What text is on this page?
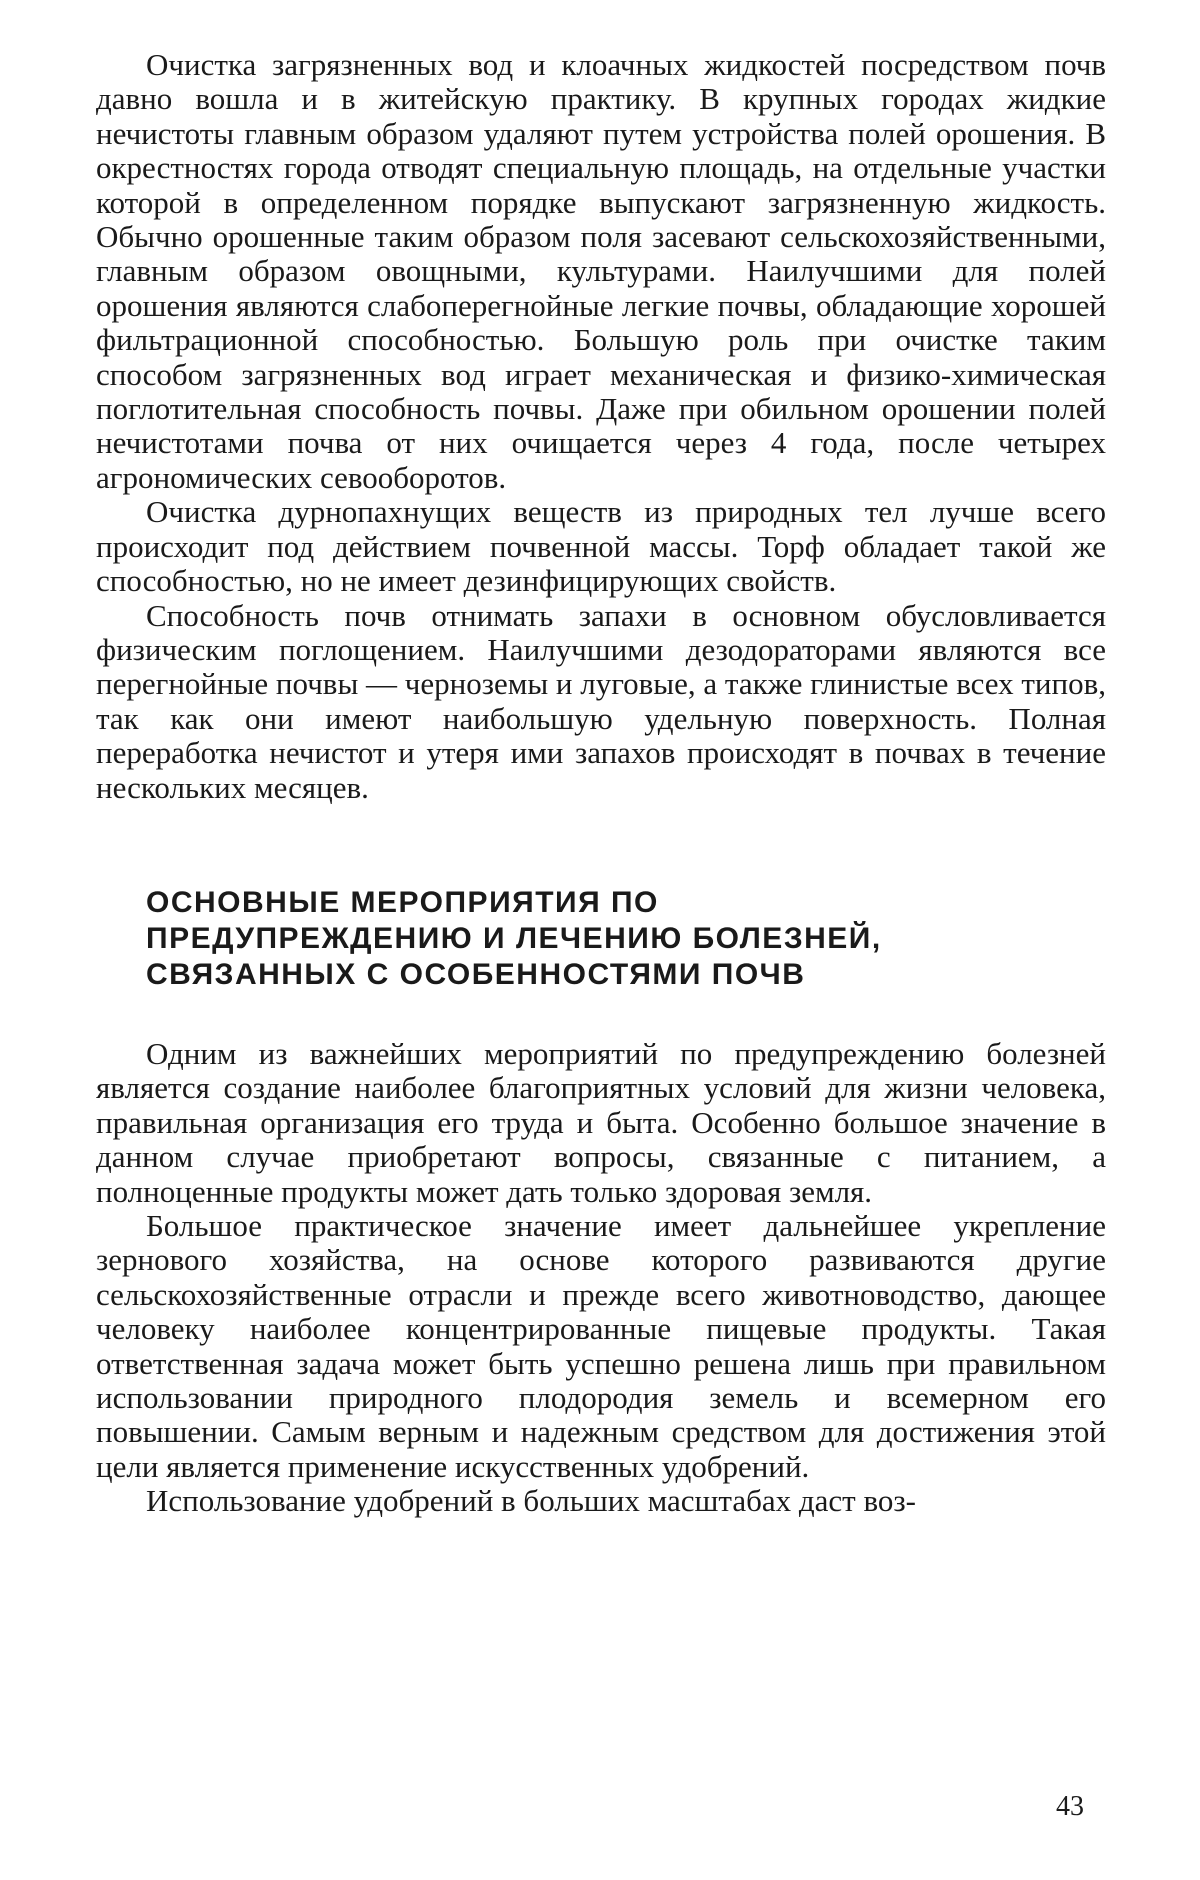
Очистка загрязненных вод и клоачных жидкостей посредством почв давно вошла и в житейскую практику. В крупных городах жидкие нечистоты главным образом удаляют путем устройства полей орошения. В окрестностях города отводят специальную площадь, на отдельные участки которой в определенном порядке выпускают загрязненную жидкость. Обычно орошенные таким образом поля засевают сельскохозяйственными, главным образом овощными, культурами. Наилучшими для полей орошения являются слабоперегнойные легкие почвы, обладающие хорошей фильтрационной способностью. Большую роль при очистке таким способом загрязненных вод играет механическая и физико-химическая поглотительная способность почвы. Даже при обильном орошении полей нечистотами почва от них очищается через 4 года, после четырех агрономических севооборотов.

Очистка дурнопахнущих веществ из природных тел лучше всего происходит под действием почвенной массы. Торф обладает такой же способностью, но не имеет дезинфицирующих свойств.

Способность почв отнимать запахи в основном обусловливается физическим поглощением. Наилучшими дезодораторами являются все перегнойные почвы — черноземы и луговые, а также глинистые всех типов, так как они имеют наибольшую удельную поверхность. Полная переработка нечистот и утеря ими запахов происходят в почвах в течение нескольких месяцев.

ОСНОВНЫЕ МЕРОПРИЯТИЯ ПО
ПРЕДУПРЕЖДЕНИЮ И ЛЕЧЕНИЮ БОЛЕЗНЕЙ,
СВЯЗАННЫХ С ОСОБЕННОСТЯМИ ПОЧВ

Одним из важнейших мероприятий по предупреждению болезней является создание наиболее благоприятных условий для жизни человека, правильная организация его труда и быта. Особенно большое значение в данном случае приобретают вопросы, связанные с питанием, а полноценные продукты может дать только здоровая земля.

Большое практическое значение имеет дальнейшее укрепление зернового хозяйства, на основе которого развиваются другие сельскохозяйственные отрасли и прежде всего животноводство, дающее человеку наиболее концентрированные пищевые продукты. Такая ответственная задача может быть успешно решена лишь при правильном использовании природного плодородия земель и всемерном его повышении. Самым верным и надежным средством для достижения этой цели является применение искусственных удобрений.

Использование удобрений в больших масштабах даст воз-

43
